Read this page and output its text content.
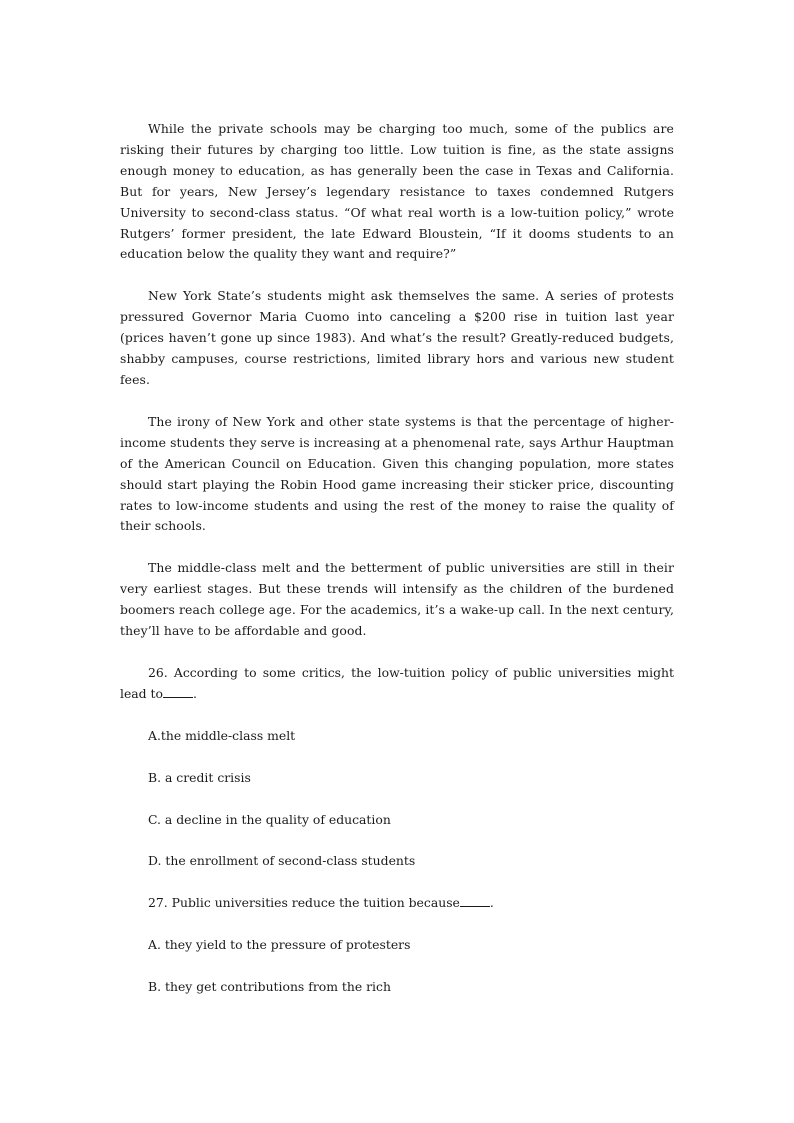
While the private schools may be charging too much, some of the publics are risking their futures by charging too little. Low tuition is fine, as the state assigns enough money to education, as has generally been the case in Texas and California. But for years, New Jersey’s legendary resistance to taxes condemned Rutgers University to second-class status. “Of what real worth is a low-tuition policy,” wrote Rutgers’ former president, the late Edward Bloustein, “If it dooms students to an education below the quality they want and require?”

New York State’s students might ask themselves the same. A series of protests pressured Governor Maria Cuomo into canceling a $200 rise in tuition last year (prices haven’t gone up since 1983). And what’s the result? Greatly-reduced budgets, shabby campuses, course restrictions, limited library hors and various new student fees.

The irony of New York and other state systems is that the percentage of higher-income students they serve is increasing at a phenomenal rate, says Arthur Hauptman of the American Council on Education. Given this changing population, more states should start playing the Robin Hood game increasing their sticker price, discounting rates to low-income students and using the rest of the money to raise the quality of their schools.

The middle-class melt and the betterment of public universities are still in their very earliest stages. But these trends will intensify as the children of the burdened boomers reach college age. For the academics, it’s a wake-up call. In the next century, they’ll have to be affordable and good.

26. According to some critics, the low-tuition policy of public universities might lead to .

A.the middle-class melt

B. a credit crisis

C. a decline in the quality of education

D. the enrollment of second-class students

27. Public universities reduce the tuition because .

A. they yield to the pressure of protesters

B. they get contributions from the rich
